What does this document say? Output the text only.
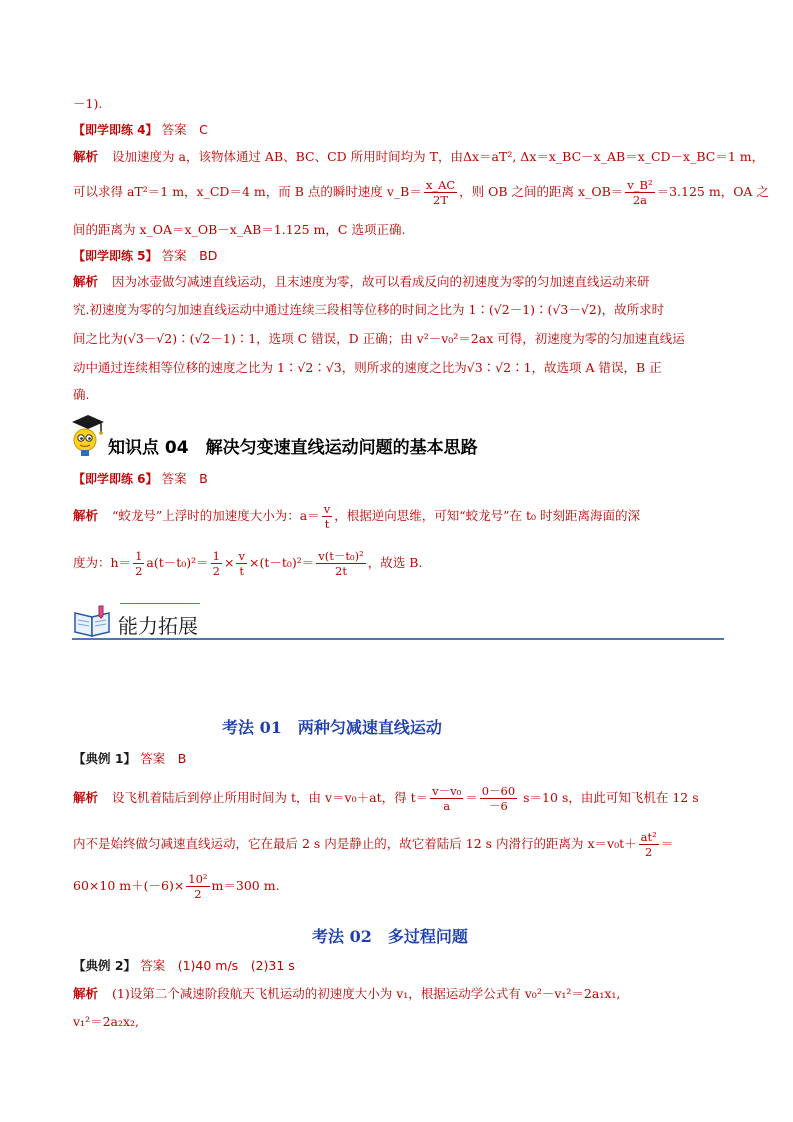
－1).
【即学即练 4】 答案　C
解析 设加速度为 a，该物体通过 AB、BC、CD 所用时间均为 T，由Δx＝aT², Δx＝x_BC－x_AB＝x_CD－x_BC＝1 m，
可以求得 aT²＝1 m，x_CD＝4 m，而 B 点的瞬时速度 v_B＝ $\frac{x\_AC}{2T}$ ，则 OB 之间的距离 x_OB＝ $\frac{\text{v\_B²}}{2a} =3.125$ m，OA 之
间的距离为 x_OA＝x_OB－x_AB＝1.125 m，C 选项正确.
【即学即练 5】 答案　BD
解析 因为冰壶做匀减速直线运动，且末速度为零，故可以看成反向的初速度为零的匀加速直线运动来研
究.初速度为零的匀加速直线运动中通过连续三段相等位移的时间之比为 1∶(√2－1)∶(√3－√2)，故所求时
间之比为(√3－√2)∶(√2－1)∶1，选项 C 错误，D 正确；由 v²－v₀²＝2ax 可得，初速度为零的匀加速直线运
动中通过连续相等位移的速度之比为 1∶√2∶√3，则所求的速度之比为√3∶√2∶1，故选项 A 错误，B 正
确.
知识点 04　解决匀变速直线运动问题的基本思路
【即学即练 6】 答案　B
解析 “蛟龙号”上浮时的加速度大小为：$a= \frac{v}{t}$ ，根据逆向思维，可知“蛟龙号”在 t₀ 时刻距离海面的深
度为：$h= \frac{1}{2} a(t-t_0)^2= \frac{1}{2} \times \frac{v}{t} \times(t-t_0)^2= \frac{\text{v(t－t₀)²}}{2t}$ ，故选 B.
能力拓展
考法 01　两种匀减速直线运动
【典例 1】 答案　B
解析 设飞机着陆后到停止所用时间为 t，由 v＝v₀＋at，得 $t= \frac{\text{v－v₀}}{a} = \frac{0-60}{-6} s=10$ s，由此可知飞机在 12 s
内不是始终做匀减速直线运动，它在最后 2 s 内是静止的，故它着陆后 12 s 内滑行的距离为 $x=v_0t+ \frac{\text{at²}}{2}$ ＝
60×10 $m+(-6)\times \frac{\text{10²}}{2} m=300$ m.
考法 02　多过程问题
【典例 2】 答案　(1)40 m/s　(2)31 s
解析 (1)设第二个减速阶段航天飞机运动的初速度大小为 v₁，根据运动学公式有 v₀²－v₁²＝2a₁x₁,
v₁²＝2a₂x₂,
